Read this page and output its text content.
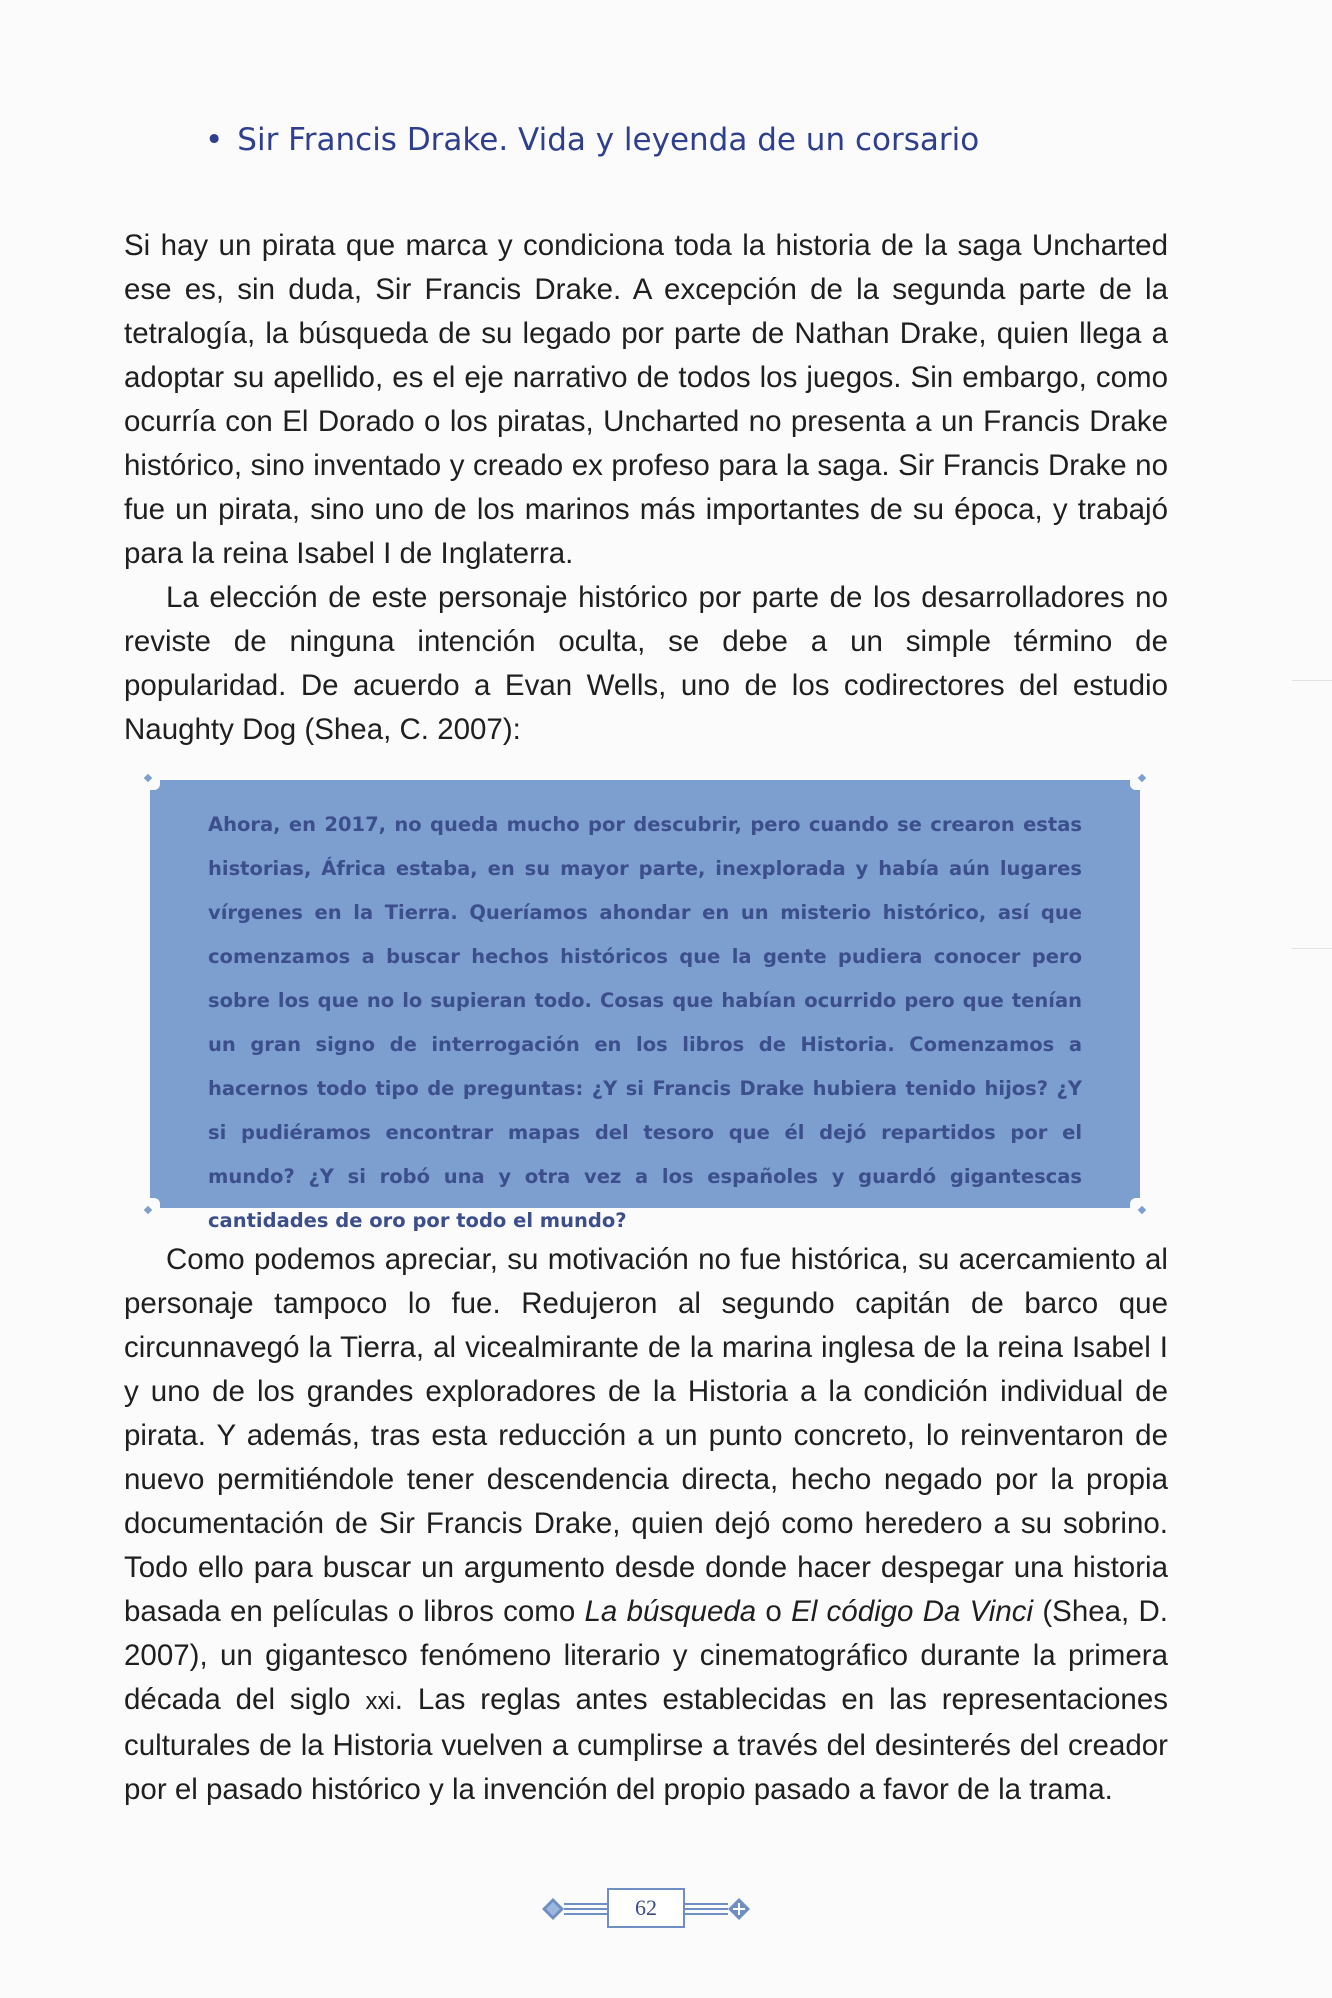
• Sir Francis Drake. Vida y leyenda de un corsario

Si hay un pirata que marca y condiciona toda la historia de la saga Uncharted ese es, sin duda, Sir Francis Drake. A excepción de la segunda parte de la tetralogía, la búsqueda de su legado por parte de Nathan Drake, quien llega a adoptar su apellido, es el eje narrativo de todos los juegos. Sin embargo, como ocurría con El Dorado o los piratas, Uncharted no presenta a un Francis Drake histórico, sino inventado y creado ex profeso para la saga. Sir Francis Drake no fue un pirata, sino uno de los marinos más importantes de su época, y trabajó para la reina Isabel I de Inglaterra.

La elección de este personaje histórico por parte de los desarrolladores no reviste de ninguna intención oculta, se debe a un simple término de popularidad. De acuerdo a Evan Wells, uno de los codirectores del estudio Naughty Dog (Shea, C. 2007):

Ahora, en 2017, no queda mucho por descubrir, pero cuando se crearon estas historias, África estaba, en su mayor parte, inexplorada y había aún lugares vírgenes en la Tierra. Queríamos ahondar en un misterio histórico, así que comenzamos a buscar hechos históricos que la gente pudiera conocer pero sobre los que no lo supieran todo. Cosas que habían ocurrido pero que tenían un gran signo de interrogación en los libros de Historia. Comenzamos a hacernos todo tipo de preguntas: ¿Y si Francis Drake hubiera tenido hijos? ¿Y si pudiéramos encontrar mapas del tesoro que él dejó repartidos por el mundo? ¿Y si robó una y otra vez a los españoles y guardó gigantescas cantidades de oro por todo el mundo?

Como podemos apreciar, su motivación no fue histórica, su acercamiento al personaje tampoco lo fue. Redujeron al segundo capitán de barco que circunnavegó la Tierra, al vicealmirante de la marina inglesa de la reina Isabel I y uno de los grandes exploradores de la Historia a la condición individual de pirata. Y además, tras esta reducción a un punto concreto, lo reinventaron de nuevo permitiéndole tener descendencia directa, hecho negado por la propia documentación de Sir Francis Drake, quien dejó como heredero a su sobrino. Todo ello para buscar un argumento desde donde hacer despegar una historia basada en películas o libros como La búsqueda o El código Da Vinci (Shea, D. 2007), un gigantesco fenómeno literario y cinematográfico durante la primera década del siglo xxi. Las reglas antes establecidas en las representaciones culturales de la Historia vuelven a cumplirse a través del desinterés del creador por el pasado histórico y la invención del propio pasado a favor de la trama.

62
